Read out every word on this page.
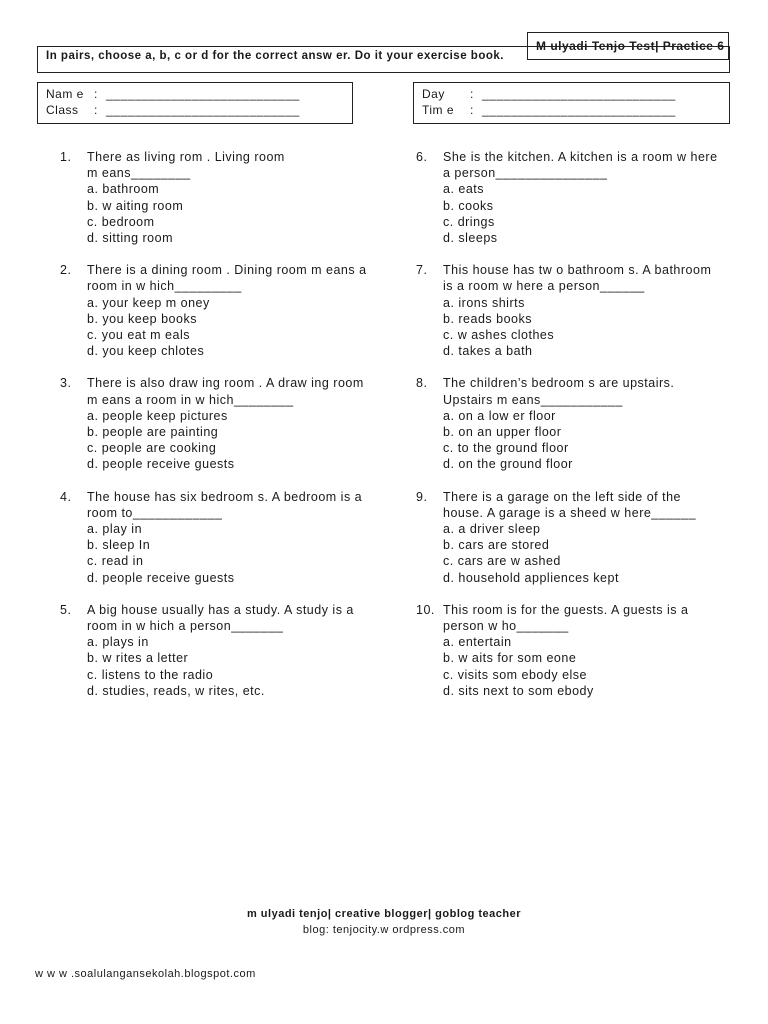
M ulyadi Tenjo Test| Practice 6
In pairs, choose a, b, c or d for the correct answ er. Do it your exercise book.
Nam e : ___________________________
Class	: ___________________________
Day	: ___________________________
Tim e	: ___________________________
1.	There as living rom . Living room
m eans________
a. bathroom
b. w aiting room
c. bedroom
d. sitting room
2.	There is a dining room . Dining room m eans a
room in w hich_________
a. your keep m oney
b. you keep books
c. you eat m eals
d. you keep chlotes
3.	There is also draw ing room . A draw ing room
m eans a room in w hich________
a. people keep pictures
b. people are painting
c. people are cooking
d. people receive guests
4.	The house has six bedroom s. A bedroom is a
room to____________
a. play in
b. sleep In
c. read in
d. people receive guests
5.	A big house usually has a study. A study is a
room in w hich a person_______
a. plays in
b. w rites a letter
c. listens to the radio
d. studies, reads, w rites, etc.
6.	She is the kitchen. A kitchen is a room w here
a person_______________
a. eats
b. cooks
c. drings
d. sleeps
7.	This house has tw o bathroom s. A bathroom
is a room w here a person______
a. irons shirts
b. reads books
c. w ashes clothes
d. takes a bath
8.	The children’s bedroom s are upstairs.
Upstairs m eans___________
a. on a low er floor
b. on an upper floor
c. to the ground floor
d. on the ground floor
9.	There is a garage on the left side of the
house. A garage is a sheed w here______
a. a driver sleep
b. cars are stored
c. cars are w ashed
d. household appliences kept
10. This room is for the guests. A guests is a
person w ho_______
a. entertain
b. w aits for som eone
c. visits som ebody else
d. sits next to som ebody
m ulyadi tenjo| creative blogger| goblog teacher
blog: tenjocity.w ordpress.com
w w w .soalulangansekolah.blogspot.com
